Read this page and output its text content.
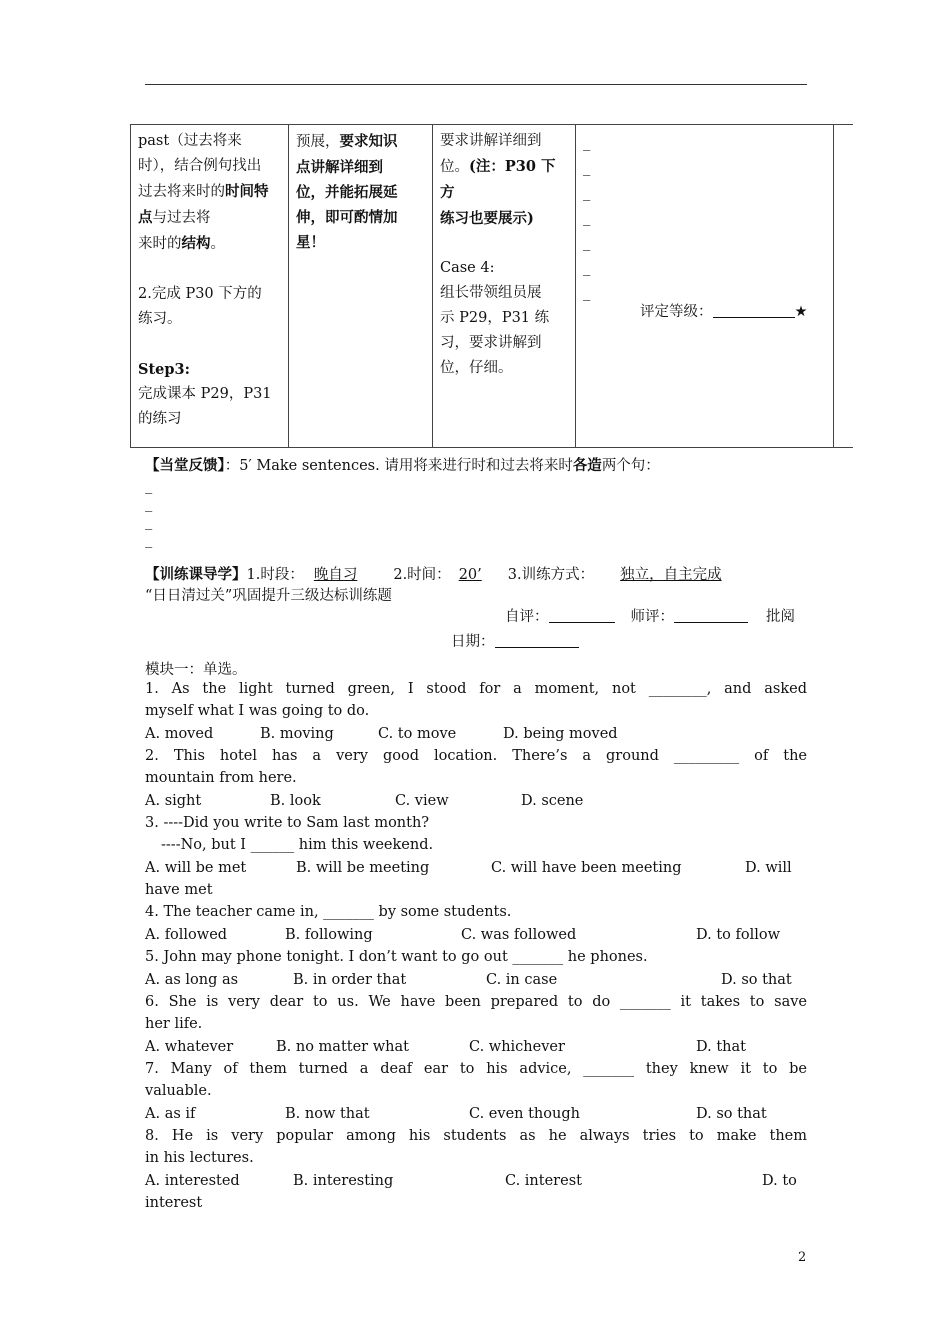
past（过去将来
时），结合例句找出
过去将来时的时间特点与过去将
来时的结构。
2.完成 P30 下方的
练习。
Step3:
完成课本 P29，P31
的练习

预展，要求知识
点讲解详细到
位，并能拓展延
伸，即可酌情加
星！

要求讲解详细到
位。(注：P30 下方
练习也要展示)
Case 4:
组长带领组员展
示 P29，P31 练
习，要求讲解到
位，仔细。

_
_
_
_
_
_
_

评定等级：	★
【当堂反馈】：5′ Make sentences. 请用将来进行时和过去将来时各造两个句：
_
_
_
_
【训练课导学】1.时段： 晚自习 2.时间： 20’ 3.训练方式： 独立，自主完成
“日日清过关”巩固提升三级达标训练题
自评：	师评：	批阅
日期：
模块一：单选。
1. As the light turned green, I stood for a moment, not ________, and asked
myself what I was going to do.
A. moved	B. moving	C. to move	D. being moved
2. This hotel has a very good location. There’s a ground _________ of the
mountain from here.
A. sight	B. look	C. view	D. scene
3. ----Did you write to Sam last month?
----No, but I ______ him this weekend.
A. will be met	B. will be meeting	C. will have been meeting	D. will
have met
4. The teacher came in, _______ by some students.
A. followed	B. following	C. was followed	D. to follow
5. John may phone tonight. I don’t want to go out _______ he phones.
A. as long as	B. in order that	C. in case	D. so that
6. She is very dear to us. We have been prepared to do _______ it takes to save
her life.
A. whatever	B. no matter what	C. whichever	D. that
7. Many of them turned a deaf ear to his advice, _______ they knew it to be
valuable.
A. as if	B. now that	C. even though	D. so that
8. He is very popular among his students as he always tries to make them
in his lectures.
A. interested	B. interesting	C. interest	D. to
interest
2
